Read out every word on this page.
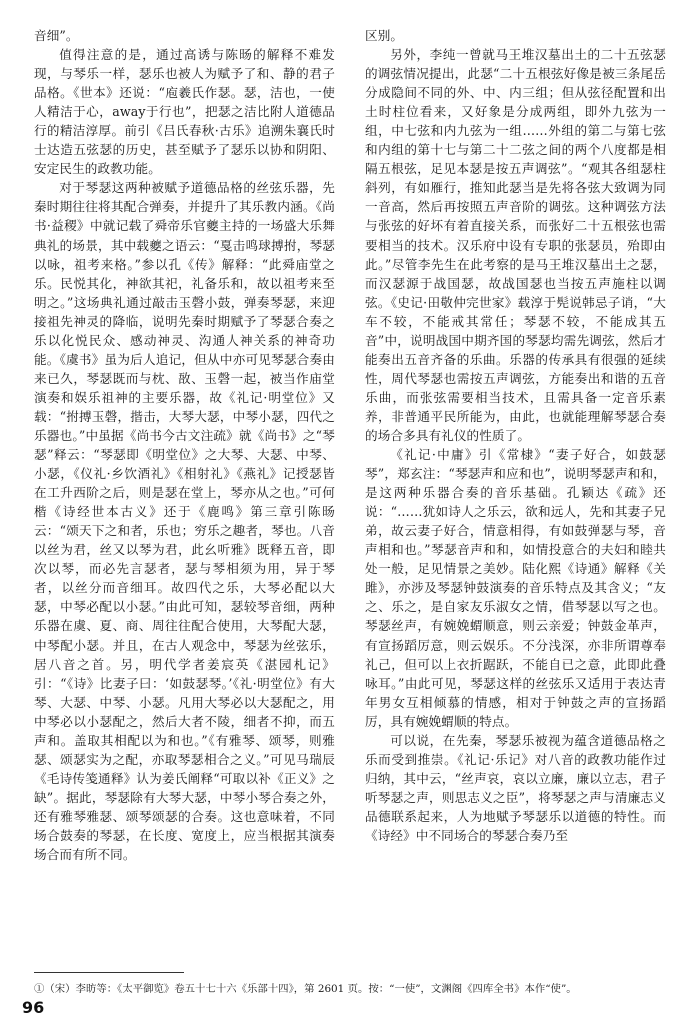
音细”。

值得注意的是，通过高诱与陈旸的解释不难发现，与琴乐一样，瑟乐也被人为赋予了和、静的君子品格。《世本》还说：“庖羲氏作瑟。瑟，洁也，一使人精洁于心，away于行也”，把瑟之洁比附人道德品行的精洁淳厚。前引《吕氏春秋·古乐》追溯朱襄氏时士达造五弦瑟的历史，甚至赋予了瑟乐以协和阴阳、安定民生的政教功能。

对于琴瑟这两种被赋予道德品格的丝弦乐器，先秦时期往往将其配合弹奏，并提升了其乐教内涵。《尚书·益稷》中就记载了舜帝乐官夔主持的一场盛大乐舞典礼的场景，其中载夔之语云：“戛击鸣球搏拊，琴瑟以咏，祖考来格。”参以孔《传》解释：“此舜庙堂之乐。民悦其化，神欲其祀，礼备乐和，故以祖考来至明之。”这场典礼通过敲击玉磬小鼓，弹奏琴瑟，来迎接祖先神灵的降临，说明先秦时期赋予了琴瑟合奏之乐以化悦民众、感动神灵、沟通人神关系的神奇功能。《虞书》虽为后人追记，但从中亦可见琴瑟合奏由来已久，琴瑟既而与枕、敔、玉磬一起，被当作庙堂演奏和娱乐祖神的主要乐器，故《礼记·明堂位》又载：“拊搏玉磬，揩击，大琴大瑟，中琴小瑟，四代之乐器也。”中虽据《尚书今古文注疏》就《尚书》之“琴瑟”释云：“琴瑟即《明堂位》之大琴、大瑟、中琴、小瑟，《仪礼·乡饮酒礼》《相射礼》《燕礼》记授瑟皆在工升西阶之后，则是瑟在堂上，琴亦从之也。”可何楷《诗经世本古义》还于《鹿鸣》第三章引陈旸云：“颂天下之和者，乐也；穷乐之趣者，琴也。八音以丝为君，丝又以琴为君，此幺听雅》既释五音，即次以琴，而必先言瑟者，瑟与琴相须为用，异于琴者，以丝分而音细耳。故四代之乐，大琴必配以大瑟，中琴必配以小瑟。”由此可知，瑟较琴音细，两种乐器在虞、夏、商、周往往配合使用，大琴配大瑟，中琴配小瑟。并且，在古人观念中，琴瑟为丝弦乐，居八音之首。另，明代学者姜宸英《湛园札记》引：“《诗》比妻子曰：‘如鼓瑟琴。’《礼·明堂位》有大琴、大瑟、中琴、小瑟。凡用大琴必以大瑟配之，用中琴必以小瑟配之，然后大者不陵，细者不抑，而五声和。盖取其相配以为和也。”《有雅琴、颂琴，则雅瑟、颂瑟实为之配，亦取琴瑟相合之义。”可见马瑞辰《毛诗传笺通释》认为姜氏阐释“可取以补《正义》之缺”。据此，琴瑟除有大琴大瑟，中琴小琴合奏之外，还有雅琴雅瑟、颂琴颂瑟的合奏。这也意味着，不同场合鼓奏的琴瑟，在长度、宽度上，应当根据其演奏场合而有所不同。

区别。

另外，李纯一曾就马王堆汉墓出土的二十五弦瑟的调弦情况提出，此瑟“二十五根弦好像是被三条尾岳分成隐间不同的外、中、内三组；但从弦径配置和出土时柱位看来，又好象是分成两组，即外九弦为一组，中七弦和内九弦为一组……外组的第二与第七弦和内组的第十七与第二十二弦之间的两个八度都是相隔五根弦，足见本瑟是按五声调弦”。“观其各组瑟柱斜列，有如雁行，推知此瑟当是先将各弦大致调为同一音高，然后再按照五声音阶的调弦。这种调弦方法与张弦的好坏有着直接关系，而张好二十五根弦也需要相当的技术。汉乐府中设有专职的张瑟员，殆即由此。”尽管李先生在此考察的是马王堆汉墓出土之瑟，而汉瑟源于战国瑟，故战国瑟也当按五声施柱以调弦。《史记·田敬仲完世家》载淳于髡说韩忌子诮，“大车不较，不能戒其常任；琴瑟不较，不能成其五音”中，说明战国中期齐国的琴瑟均需先调弦，然后才能奏出五音齐备的乐曲。乐器的传承具有很强的延续性，周代琴瑟也需按五声调弦，方能奏出和谐的五音乐曲，而张弦需要相当技术，且需具备一定音乐素养，非普通平民所能为，由此，也就能理解琴瑟合奏的场合多具有礼仪的性质了。

《礼记·中庸》引《常棣》“妻子好合，如鼓瑟琴”，郑玄注：“琴瑟声和应和也”，说明琴瑟声和和，是这两种乐器合奏的音乐基础。孔颖达《疏》还说：“……犹如诗人之乐云，欲和远人，先和其妻子兄弟，故云妻子好合，情意相得，有如鼓弹瑟与琴，音声相和也。”琴瑟音声和和，如情投意合的夫妇和睦共处一般，足见情景之美妙。陆化熙《诗通》解释《关雎》，亦涉及琴瑟钟鼓演奏的音乐特点及其含义；“友之、乐之，是自家友乐淑女之情，借琴瑟以写之也。琴瑟丝声，有婉娩蝟顺意，则云亲爱；钟鼓金革声，有宣扬蹈厉意，则云娱乐。不分浅深，亦非所谓尊奉礼己，但可以上衣折踞跃，不能自已之意，此即此叠咏耳。”由此可见，琴瑟这样的丝弦乐又适用于表达青年男女互相倾慕的情感，相对于钟鼓之声的宣扬蹈厉，具有婉娩蝟顺的特点。

可以说，在先秦，琴瑟乐被视为蕴含道德品格之乐而受到推崇。《礼记·乐记》对八音的政教功能作过归纳，其中云，“丝声哀，哀以立廉，廉以立志，君子听琴瑟之声，则思志义之臣”，将琴瑟之声与清廉志义品德联系起来，人为地赋予琴瑟乐以道德的特性。而《诗经》中不同场合的琴瑟合奏乃至

①（宋）李昉等：《太平御览》卷五十七十六《乐部十四》，第 2601 页。按：“一使”，文渊阁《四库全书》本作“使”。
96
